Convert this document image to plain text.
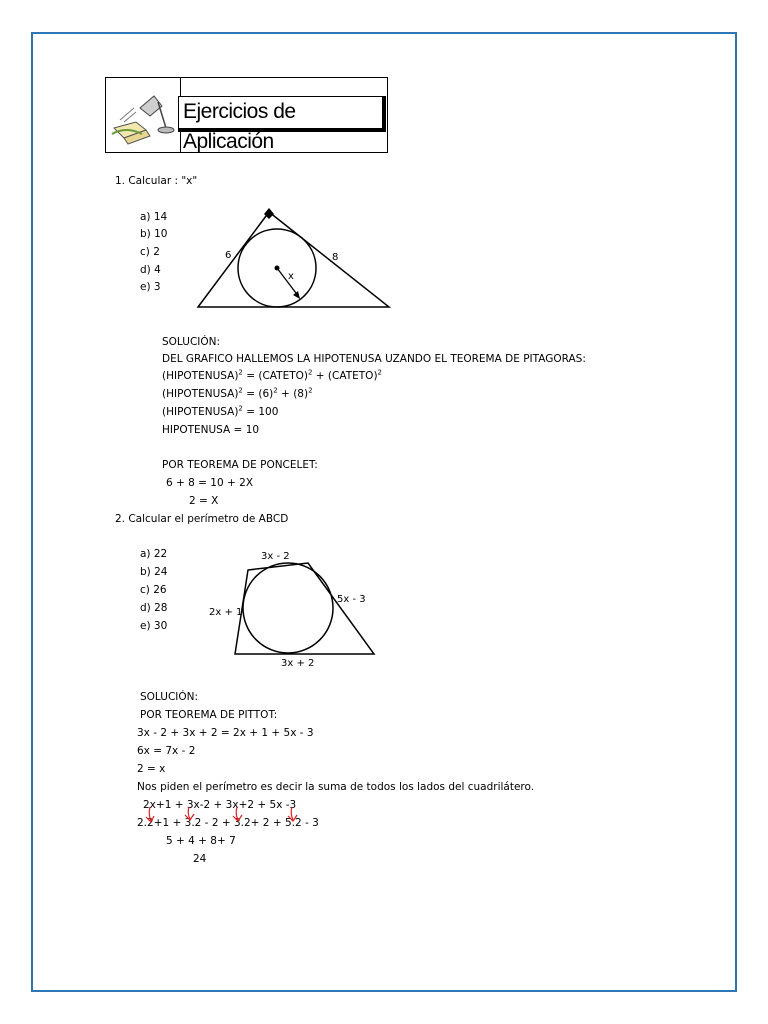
Ejercicios de Aplicación
1. Calcular : "x"
a) 14
b) 10
c) 2
d) 4
e) 3
6	8
x
SOLUCIÓN:
DEL GRAFICO HALLEMOS LA HIPOTENUSA UZANDO EL TEOREMA DE PITAGORAS:
(HIPOTENUSA)$^2$ = (CATETO)$^2$ + (CATETO)$^2$
(HIPOTENUSA)$^2$ = $(6)^2 + (8)^2$
(HIPOTENUSA)$^2$ = 100
HIPOTENUSA = 10
POR TEOREMA DE PONCELET:
6 + 8 = 10 + 2X
2 = X
2. Calcular el perímetro de ABCD
a) 22
b) 24
c) 26
d) 28
e) 30
3x - 2
5x - 3
2x + 1
3x + 2
SOLUCIÓN:
POR TEOREMA DE PITTOT:
3x - 2 + 3x + 2 = 2x + 1 + 5x - 3
6x = 7x - 2
2 = x
Nos piden el perímetro es decir la suma de todos los lados del cuadrilátero.
2x+1 + 3x-2 + 3x+2 + 5x -3
2.2+1 + 3.2 - 2 + 3.2+ 2 + 5.2 - 3
5 + 4 + 8+ 7
24
